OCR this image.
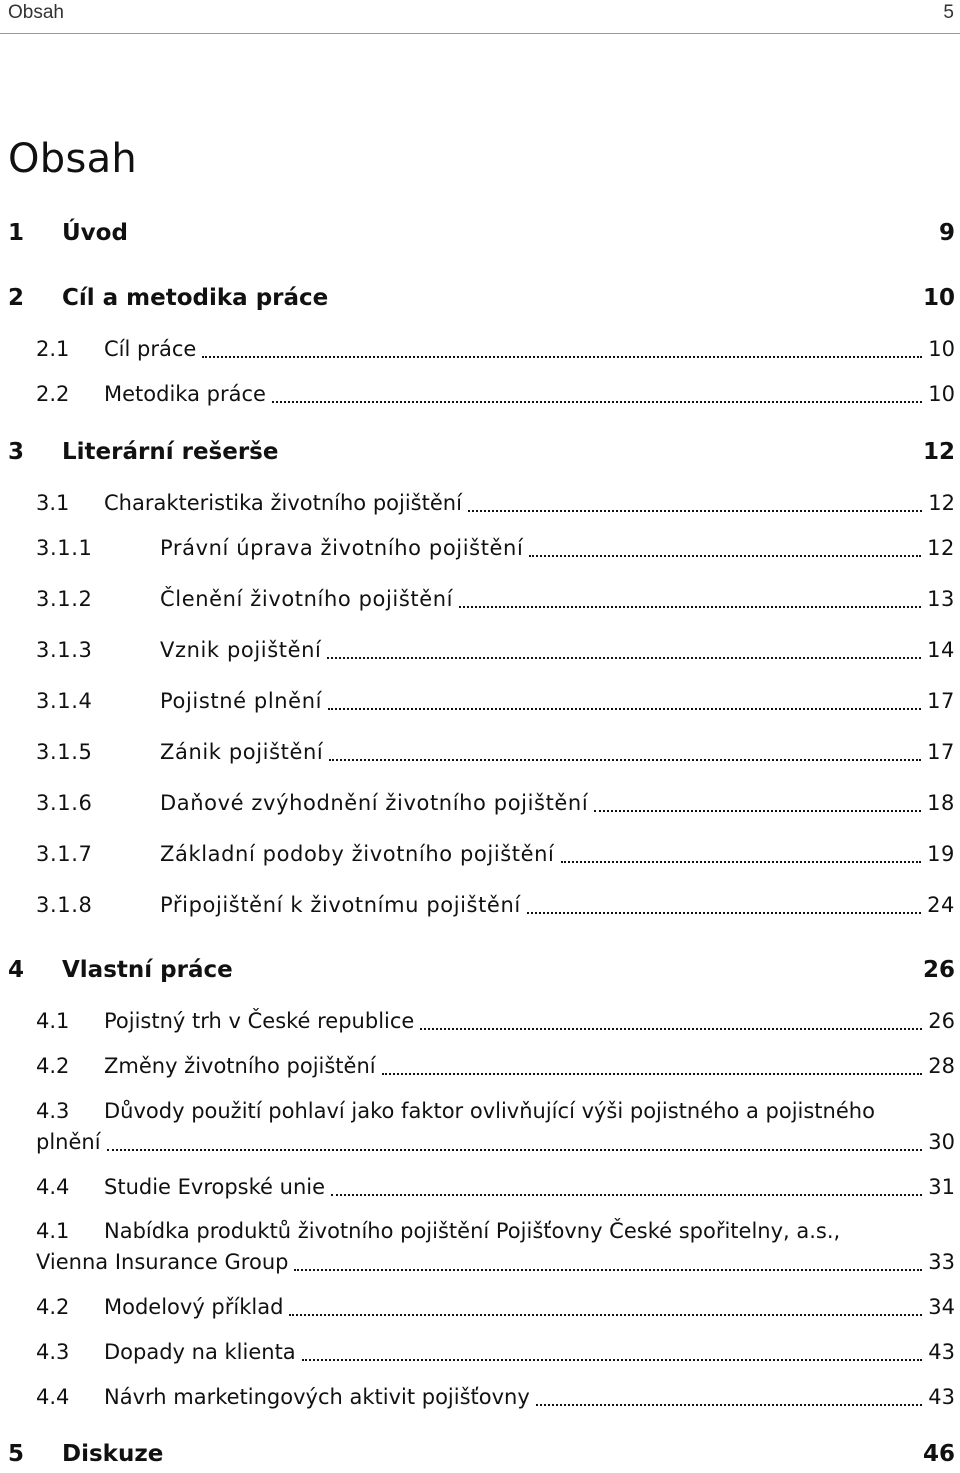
Obsah	5
Obsah
1 Úvod	9
2 Cíl a metodika práce	10
2.1 Cíl práce	10
2.2 Metodika práce	10
3 Literární rešerše	12
3.1 Charakteristika životního pojištění	12
3.1.1	Právní úprava životního pojištění	12
3.1.2	Členění životního pojištění	13
3.1.3	Vznik pojištění	14
3.1.4	Pojistné plnění	17
3.1.5	Zánik pojištění	17
3.1.6	Daňové zvýhodnění životního pojištění	18
3.1.7	Základní podoby životního pojištění	19
3.1.8	Připojištění k životnímu pojištění	24
4 Vlastní práce	26
4.1 Pojistný trh v České republice	26
4.2 Změny životního pojištění	28
4.3 Důvody použití pohlaví jako faktor ovlivňující výši pojistného a pojistného
plnění	30
4.4 Studie Evropské unie	31
4.1 Nabídka produktů životního pojištění Pojišťovny České spořitelny, a.s.,
Vienna Insurance Group	33
4.2 Modelový příklad	34
4.3 Dopady na klienta	43
4.4 Návrh marketingových aktivit pojišťovny	43
5 Diskuze	46
